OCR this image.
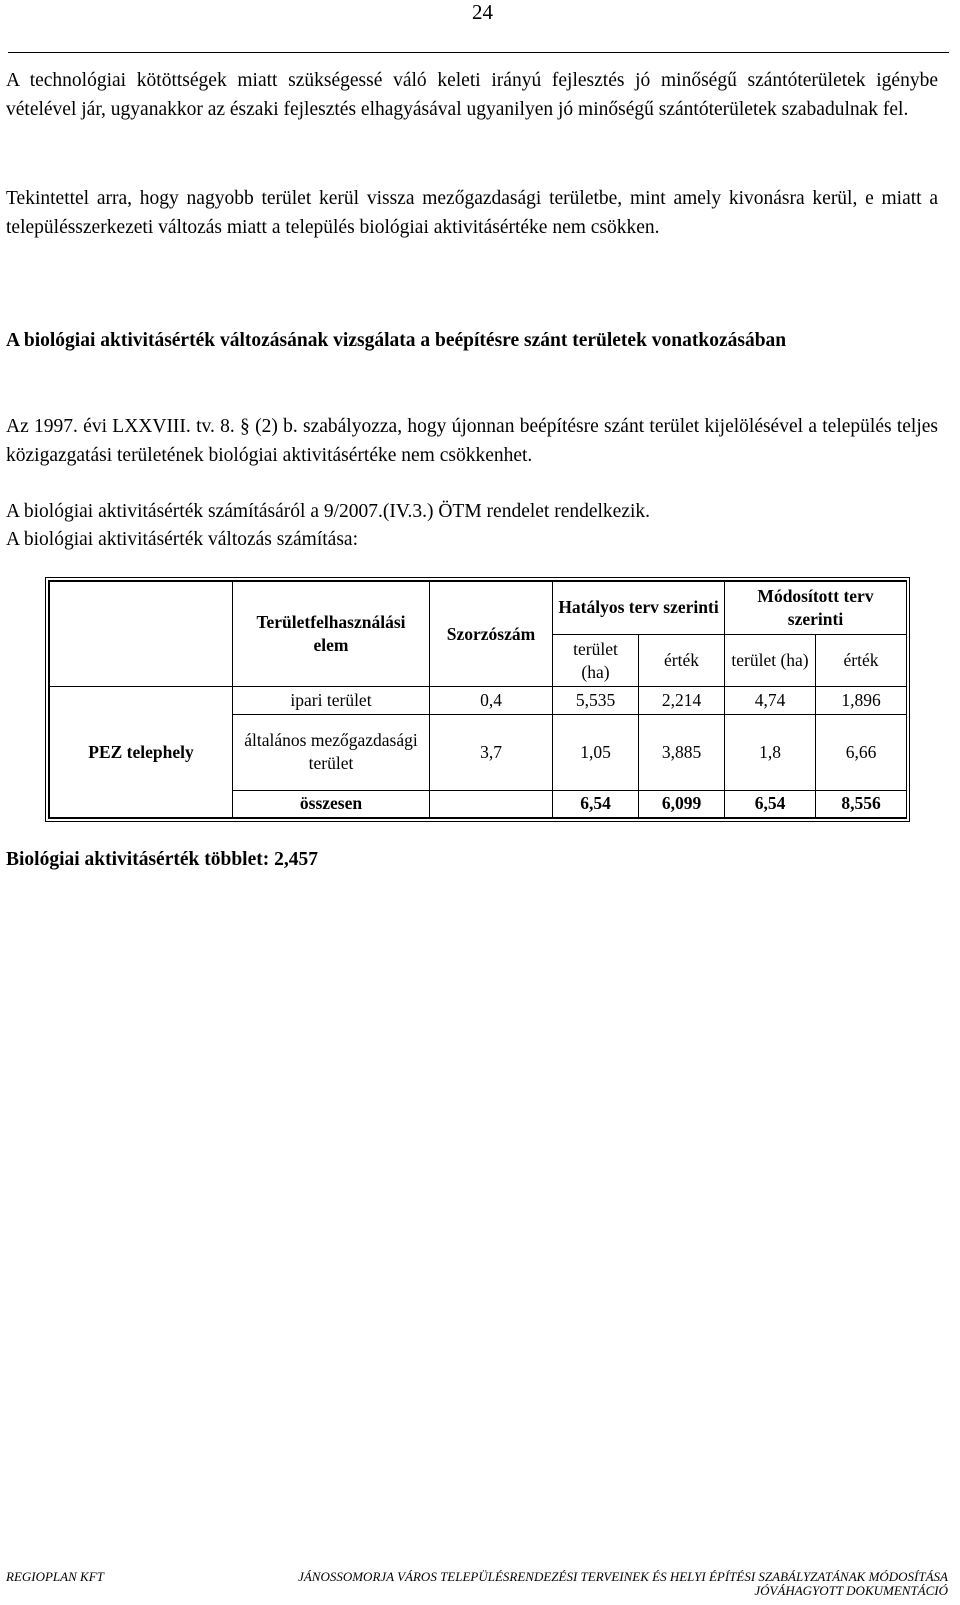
24

A technológiai kötöttségek miatt szükségessé váló keleti irányú fejlesztés jó minőségű szántóterületek igénybe vételével jár, ugyanakkor az északi fejlesztés elhagyásával ugyanilyen jó minőségű szántóterületek szabadulnak fel.

Tekintettel arra, hogy nagyobb terület kerül vissza mezőgazdasági területbe, mint amely kivonásra kerül, e miatt a településszerkezeti változás miatt a település biológiai aktivitásértéke nem csökken.

A biológiai aktivitásérték változásának vizsgálata a beépítésre szánt területek vonatkozásában

Az 1997. évi LXXVIII. tv. 8. § (2) b. szabályozza, hogy újonnan beépítésre szánt terület kijelölésével a település teljes közigazgatási területének biológiai aktivitásértéke nem csökkenhet.

A biológiai aktivitásérték számításáról a 9/2007.(IV.3.) ÖTM rendelet rendelkezik.

A biológiai aktivitásérték változás számítása:

	Területfelhasználási elem	Szorzószám	Hatályos terv szerinti		Módosított terv szerinti	
			terület (ha)	érték	terület (ha)	érték
PEZ telephely	ipari terület	0,4	5,535	2,214	4,74	1,896
	általános mezőgazdasági terület	3,7	1,05	3,885	1,8	6,66
	összesen		6,54	6,099	6,54	8,556
Biológiai aktivitásérték többlet: 2,457
REGIOPLAN KFT	JÁNOSSOMORJA VÁROS TELEPÜLÉSRENDEZÉSI TERVEINEK ÉS HELYI ÉPÍTÉSI SZABÁLYZATÁNAK MÓDOSÍTÁSA
JÓVÁHAGYOTT DOKUMENTÁCIÓ
